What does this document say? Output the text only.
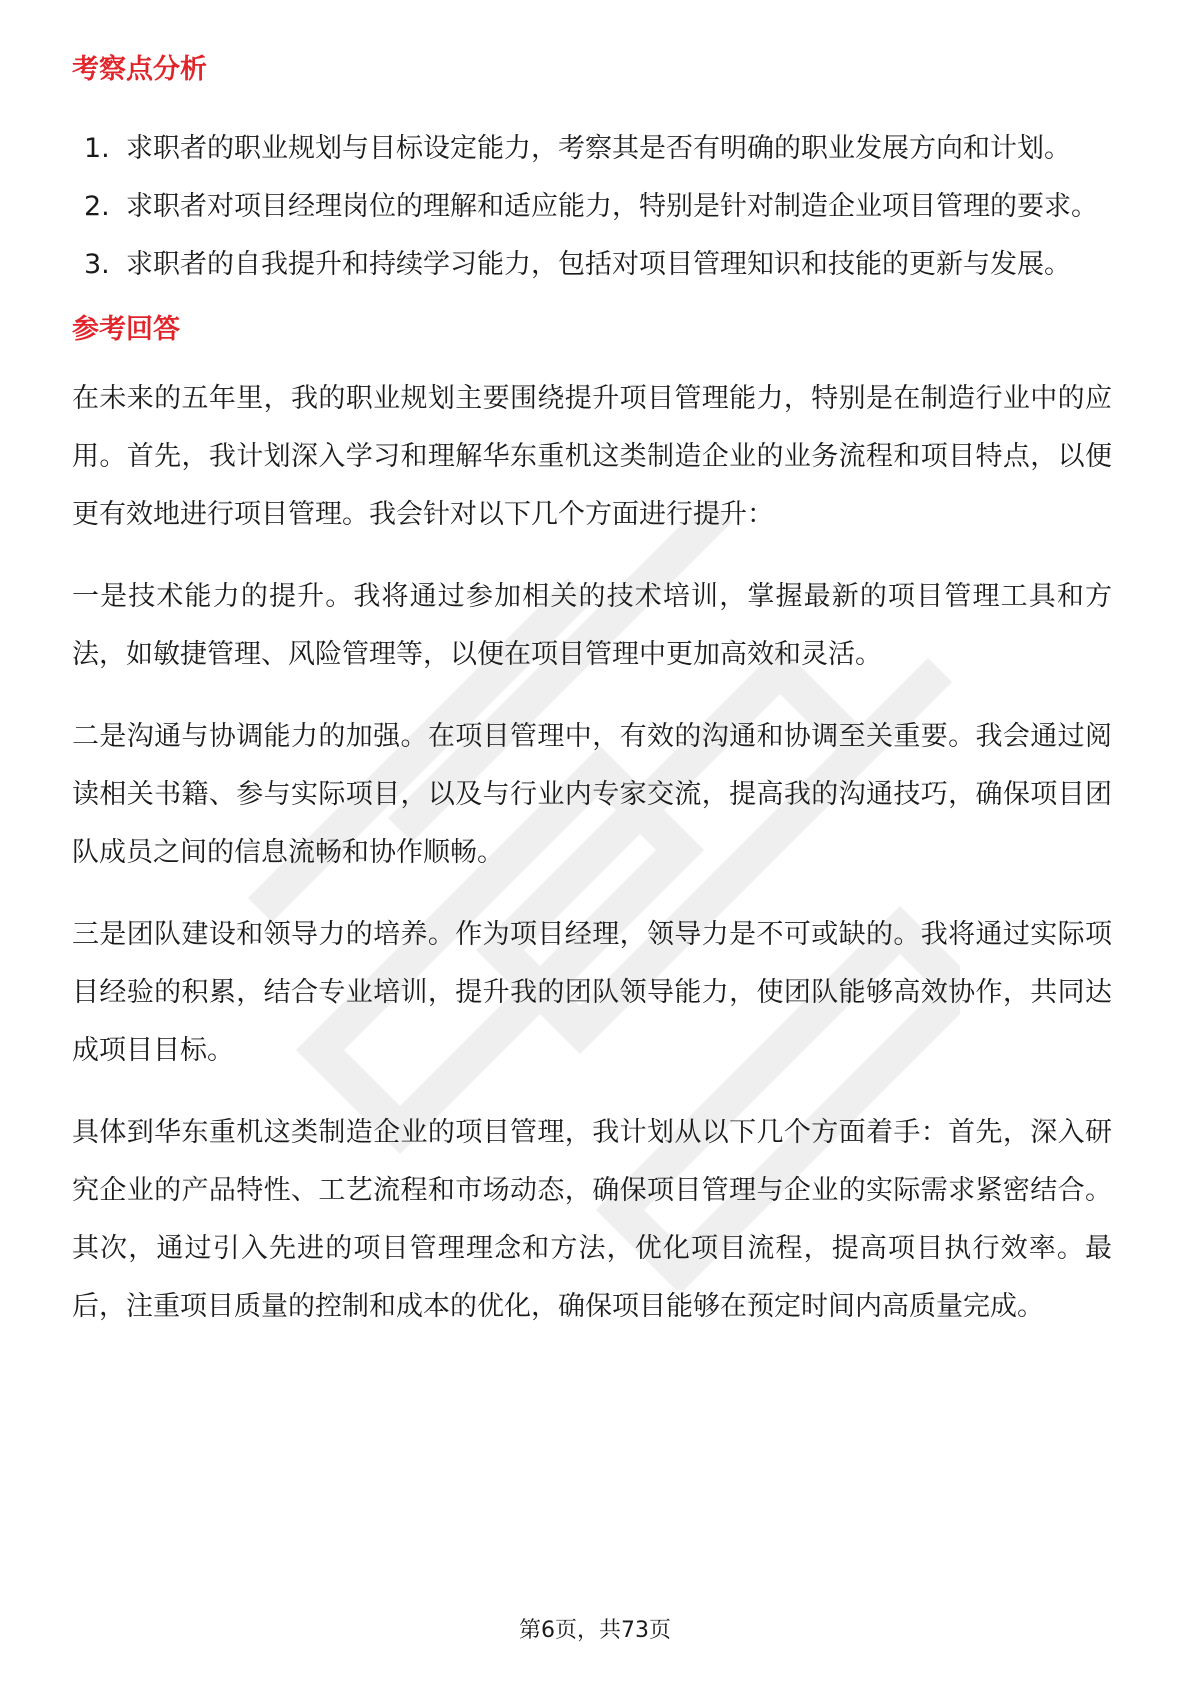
考察点分析
1. 求职者的职业规划与目标设定能力，考察其是否有明确的职业发展方向和计划。
2. 求职者对项目经理岗位的理解和适应能力，特别是针对制造企业项目管理的要求。
3. 求职者的自我提升和持续学习能力，包括对项目管理知识和技能的更新与发展。
参考回答

在未来的五年里，我的职业规划主要围绕提升项目管理能力，特别是在制造行业中的应用。首先，我计划深入学习和理解华东重机这类制造企业的业务流程和项目特点，以便更有效地进行项目管理。我会针对以下几个方面进行提升：

一是技术能力的提升。我将通过参加相关的技术培训，掌握最新的项目管理工具和方法，如敏捷管理、风险管理等，以便在项目管理中更加高效和灵活。

二是沟通与协调能力的加强。在项目管理中，有效的沟通和协调至关重要。我会通过阅读相关书籍、参与实际项目，以及与行业内专家交流，提高我的沟通技巧，确保项目团队成员之间的信息流畅和协作顺畅。

三是团队建设和领导力的培养。作为项目经理，领导力是不可或缺的。我将通过实际项目经验的积累，结合专业培训，提升我的团队领导能力，使团队能够高效协作，共同达成项目目标。

具体到华东重机这类制造企业的项目管理，我计划从以下几个方面着手：首先，深入研究企业的产品特性、工艺流程和市场动态，确保项目管理与企业的实际需求紧密结合。其次，通过引入先进的项目管理理念和方法，优化项目流程，提高项目执行效率。最后，注重项目质量的控制和成本的优化，确保项目能够在预定时间内高质量完成。

第6页，共73页
